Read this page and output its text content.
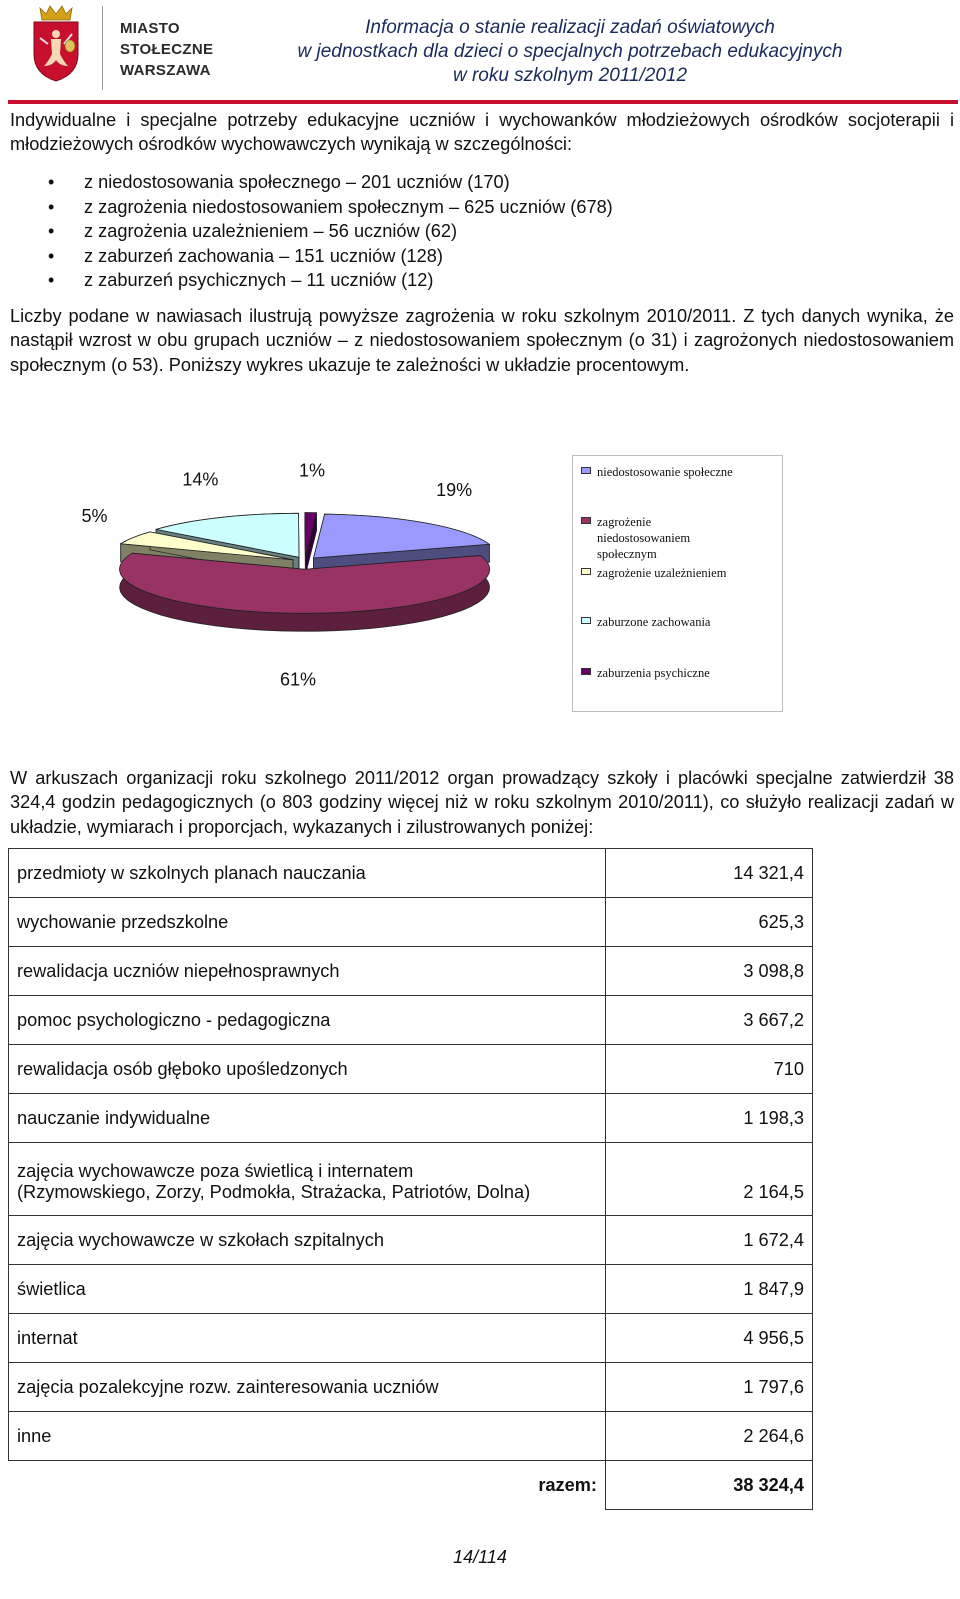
MIASTO
STOŁECZNE
WARSZAWA
Informacja o stanie realizacji zadań oświatowych
w jednostkach dla dzieci o specjalnych potrzebach edukacyjnych
w roku szkolnym 2011/2012
Indywidualne i specjalne potrzeby edukacyjne uczniów i wychowanków młodzieżowych ośrodków socjoterapii i młodzieżowych ośrodków wychowawczych wynikają w szczególności:
• z niedostosowania społecznego – 201 uczniów (170)
• z zagrożenia niedostosowaniem społecznym – 625 uczniów (678)
• z zagrożenia uzależnieniem – 56 uczniów (62)
• z zaburzeń zachowania – 151 uczniów (128)
• z zaburzeń psychicznych – 11 uczniów (12)
Liczby podane w nawiasach ilustrują powyższe zagrożenia w roku szkolnym 2010/2011. Z tych danych wynika, że nastąpił wzrost w obu grupach uczniów – z niedostosowaniem społecznym (o 31) i zagrożonych niedostosowaniem społecznym (o 53). Poniższy wykres ukazuje te zależności w układzie procentowym.
19%
61%
5%
14%	1%	niedostosowanie społeczne
zagrożenie niedostosowaniem społecznym
zagrożenie uzależnieniem
zaburzone zachowania
zaburzenia psychiczne
W arkuszach organizacji roku szkolnego 2011/2012 organ prowadzący szkoły i placówki specjalne zatwierdził 38 324,4 godzin pedagogicznych (o 803 godziny więcej niż w roku szkolnym 2010/2011), co służyło realizacji zadań w układzie, wymiarach i proporcjach, wykazanych i zilustrowanych poniżej:
przedmioty w szkolnych planach nauczania	14 321,4

wychowanie przedszkolne	625,3

rewalidacja uczniów niepełnosprawnych	3 098,8

pomoc psychologiczno - pedagogiczna	3 667,2

rewalidacja osób głęboko upośledzonych	710

nauczanie indywidualne	1 198,3

zajęcia wychowawcze poza świetlicą i internatem
(Rzymowskiego, Zorzy, Podmokła, Strażacka, Patriotów, Dolna)	2 164,5

zajęcia wychowawcze w szkołach szpitalnych	1 672,4

świetlica	1 847,9

internat	4 956,5

zajęcia pozalekcyjne rozw. zainteresowania uczniów	1 797,6

inne	2 264,6
razem:	38 324,4
14/114
